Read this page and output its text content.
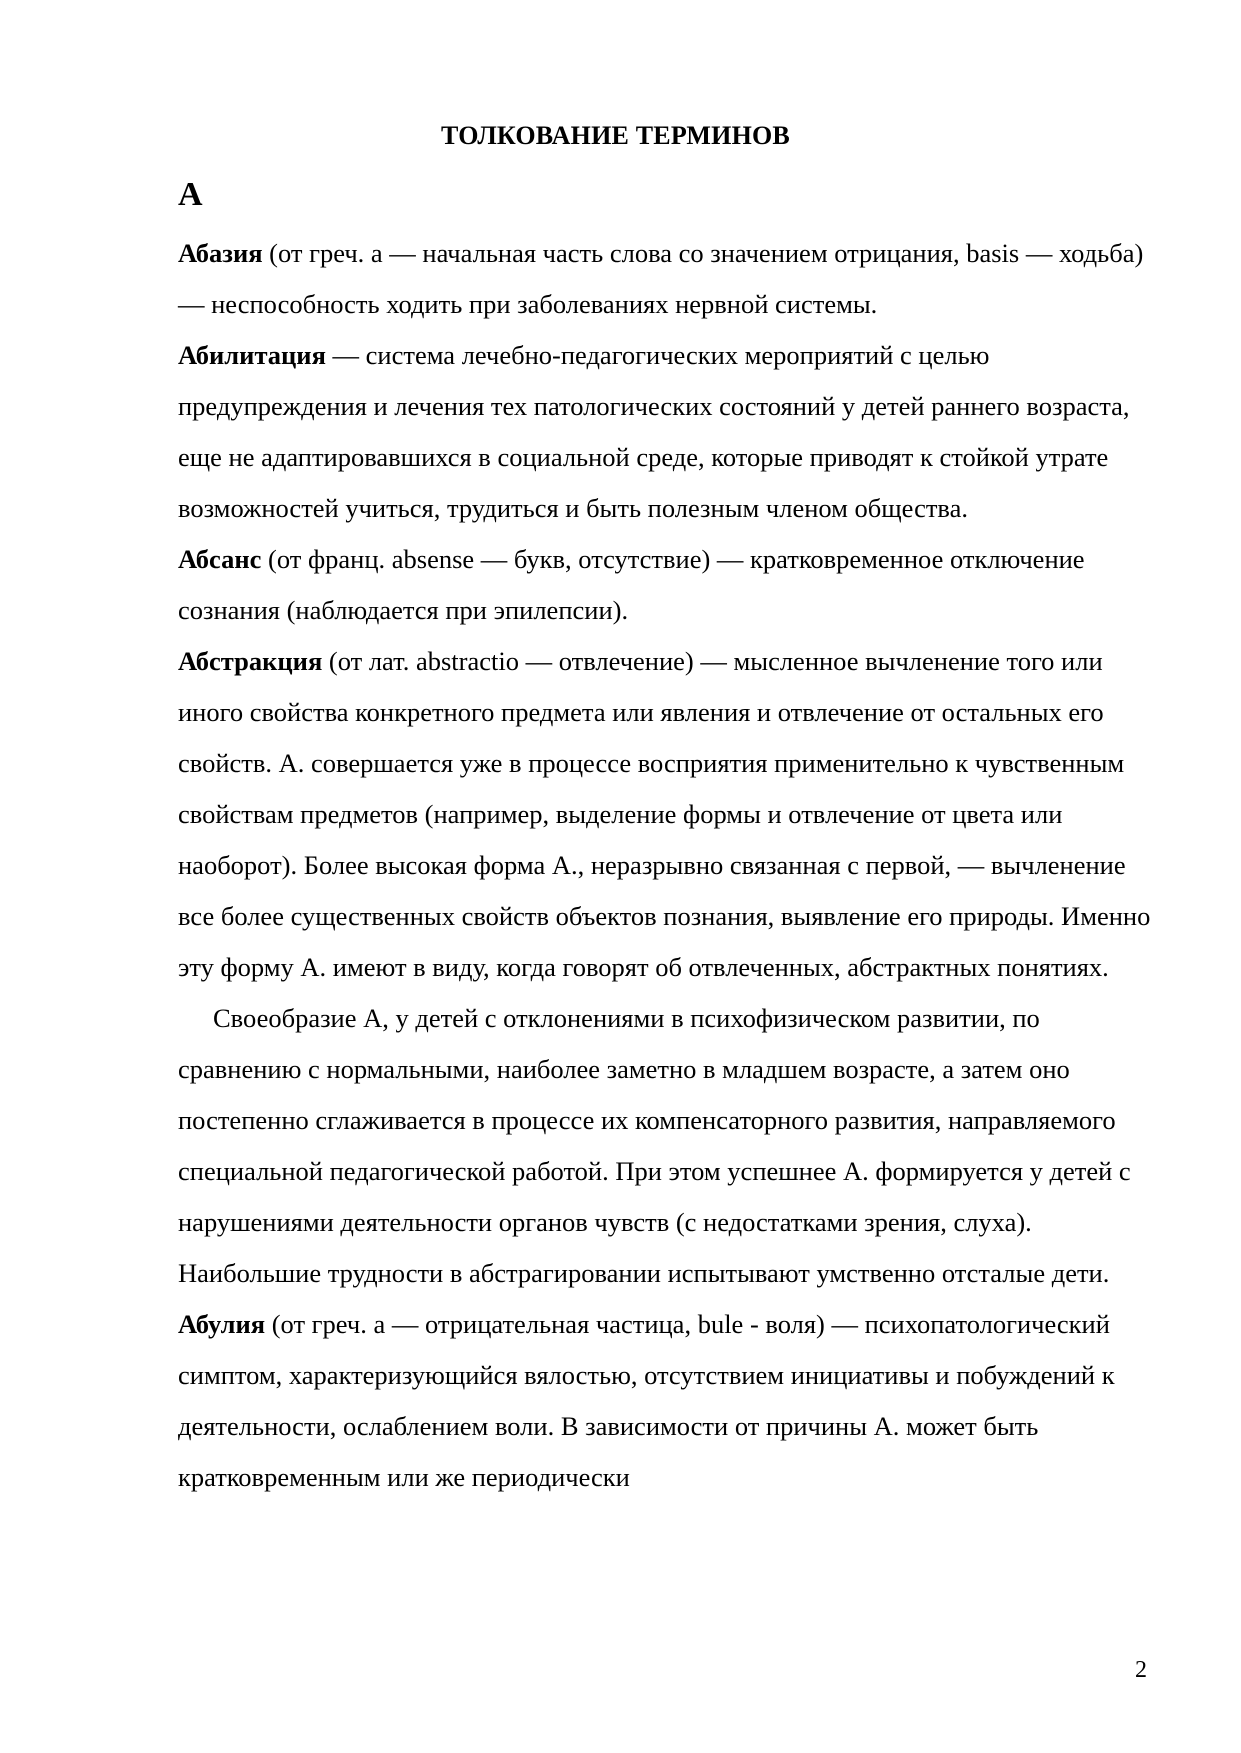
ТОЛКОВАНИЕ ТЕРМИНОВ
А

Абазия (от греч. а — начальная часть слова со значением отрицания, basis — ходьба)— неспособность ходить при заболеваниях нервной системы.

Абилитация — система лечебно-педагогических мероприятий с целью предупреждения и лечения тех патологических состояний у детей раннего возраста, еще не адаптировавшихся в социальной среде, которые приводят к стойкой утрате возможностей учиться, трудиться и быть полезным членом общества.

Абсанс (от франц. absense — букв, отсутствие) — кратковременное отключение сознания (наблюдается при эпилепсии).

Абстракция (от лат. abstractio — отвлечение) — мысленное вычленение того или иного свойства конкретного предмета или явления и отвлечение от остальных его свойств. А. совершается уже в процессе восприятия применительно к чувственным свойствам предметов (например, выделение формы и отвлечение от цвета или наоборот). Более высокая форма А., неразрывно связанная с первой, — вычленение все более существенных свойств объектов познания, выявление его природы. Именно эту форму А. имеют в виду, когда говорят об отвлеченных, абстрактных понятиях.

Своеобразие А, у детей с отклонениями в психофизическом развитии, по сравнению с нормальными, наиболее заметно в младшем возрасте, а затем оно постепенно сглаживается в процессе их компенсаторного развития, направляемого специальной педагогической работой. При этом успешнее А. формируется у детей с нарушениями деятельности органов чувств (с недостатками зрения, слуха). Наибольшие трудности в абстрагировании испытывают умственно отсталые дети.

Абулия (от греч. а — отрицательная частица, bule - воля) — психопатологический симптом, характеризующийся вялостью, отсутствием инициативы и побуждений к деятельности, ослаблением воли. В зависимости от причины А. может быть кратковременным или же периодически

2
